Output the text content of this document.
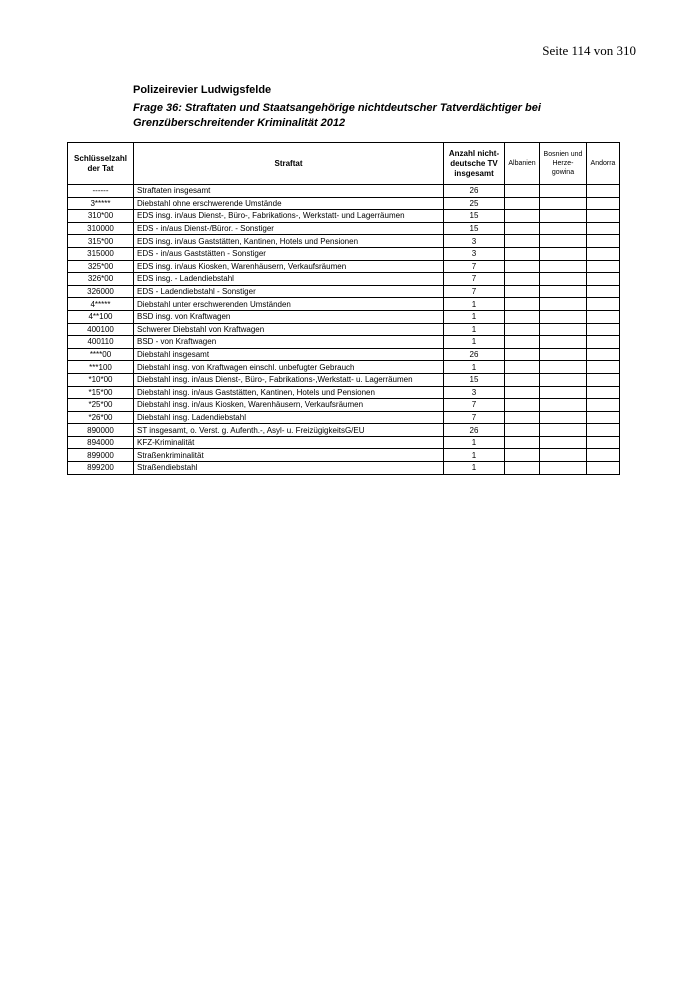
Seite 114 von 310
Polizeirevier Ludwigsfelde
Frage 36: Straftaten und Staatsangehörige nichtdeutscher Tatverdächtiger bei Grenzüberschreitender Kriminalität 2012
Schlüsselzahl der Tat	Straftat	Anzahl nicht-deutsche TV insgesamt	Albanien	Bosnien und Herze-gowina	Andorra
------	Straftaten insgesamt	26			
3*****	Diebstahl ohne erschwerende Umstände	25			
310*00	EDS insg. in/aus Dienst-, Büro-, Fabrikations-, Werkstatt- und Lagerräumen	15			
310000	EDS - in/aus Dienst-/Büror. - Sonstiger	15			
315*00	EDS insg. in/aus Gaststätten, Kantinen, Hotels und Pensionen	3			
315000	EDS - in/aus Gaststätten - Sonstiger	3			
325*00	EDS insg. in/aus Kiosken, Warenhäusern, Verkaufsräumen	7			
326*00	EDS insg. - Ladendiebstahl	7			
326000	EDS - Ladendiebstahl - Sonstiger	7			
4*****	Diebstahl unter erschwerenden Umständen	1			
4**100	BSD insg. von Kraftwagen	1			
400100	Schwerer Diebstahl von Kraftwagen	1			
400110	BSD - von Kraftwagen	1			
****00	Diebstahl insgesamt	26			
***100	Diebstahl insg. von Kraftwagen einschl. unbefugter Gebrauch	1			
*10*00	Diebstahl insg. in/aus Dienst-, Büro-, Fabrikations-,Werkstatt- u. Lagerräumen	15			
*15*00	Diebstahl insg. in/aus Gaststätten, Kantinen, Hotels und Pensionen	3			
*25*00	Diebstahl insg. in/aus Kiosken, Warenhäusern, Verkaufsräumen	7			
*26*00	Diebstahl insg. Ladendiebstahl	7			
890000	ST insgesamt, o. Verst. g. Aufenth.-, Asyl- u. FreizügigkeitsG/EU	26			
894000	KFZ-Kriminalität	1			
899000	Straßenkriminalität	1			
899200	Straßendiebstahl	1			
